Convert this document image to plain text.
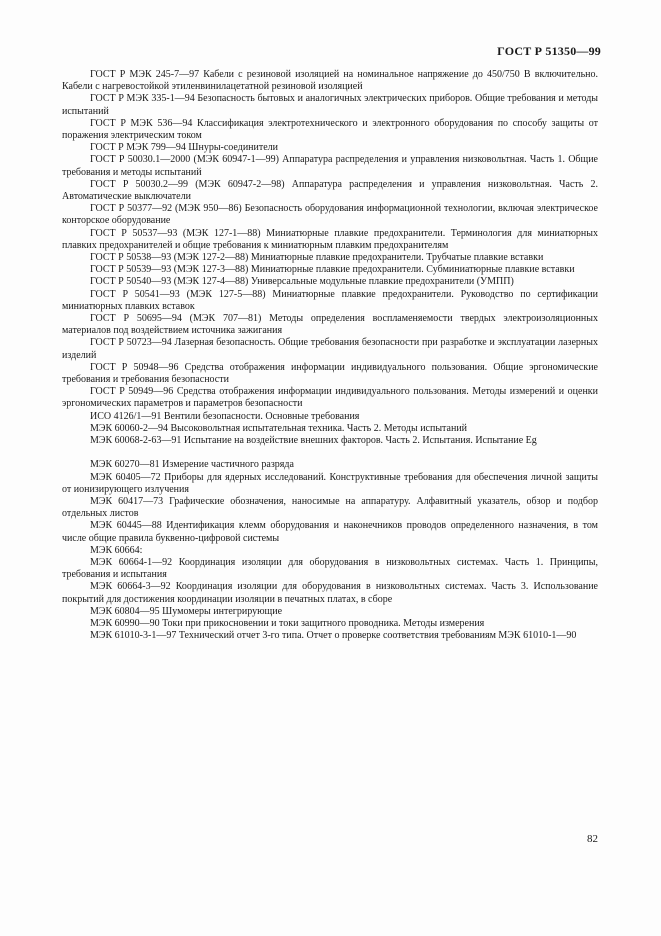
ГОСТ Р 51350—99

ГОСТ Р МЭК 245-7—97 Кабели с резиновой изоляцией на номинальное напряжение до 450/750 В включительно. Кабели с нагревостойкой этиленвинилацетатной резиновой изоляцией

ГОСТ Р МЭК 335-1—94 Безопасность бытовых и аналогичных электрических приборов. Общие требования и методы испытаний

ГОСТ Р МЭК 536—94 Классификация электротехнического и электронного оборудования по способу защиты от поражения электрическим током

ГОСТ Р МЭК 799—94 Шнуры-соединители

ГОСТ Р 50030.1—2000 (МЭК 60947-1—99) Аппаратура распределения и управления низковольтная. Часть 1. Общие требования и методы испытаний

ГОСТ Р 50030.2—99 (МЭК 60947-2—98) Аппаратура распределения и управления низковольтная. Часть 2. Автоматические выключатели

ГОСТ Р 50377—92 (МЭК 950—86) Безопасность оборудования информационной технологии, включая электрическое конторское оборудование

ГОСТ Р 50537—93 (МЭК 127-1—88) Миниатюрные плавкие предохранители. Терминология для миниатюрных плавких предохранителей и общие требования к миниатюрным плавким предохранителям

ГОСТ Р 50538—93 (МЭК 127-2—88) Миниатюрные плавкие предохранители. Трубчатые плавкие вставки

ГОСТ Р 50539—93 (МЭК 127-3—88) Миниатюрные плавкие предохранители. Субминиатюрные плавкие вставки

ГОСТ Р 50540—93 (МЭК 127-4—88) Универсальные модульные плавкие предохранители (УМПП)

ГОСТ Р 50541—93 (МЭК 127-5—88) Миниатюрные плавкие предохранители. Руководство по сертификации миниатюрных плавких вставок

ГОСТ Р 50695—94 (МЭК 707—81) Методы определения воспламеняемости твердых электроизоляционных материалов под воздействием источника зажигания

ГОСТ Р 50723—94 Лазерная безопасность. Общие требования безопасности при разработке и эксплуатации лазерных изделий

ГОСТ Р 50948—96 Средства отображения информации индивидуального пользования. Общие эргономические требования и требования безопасности

ГОСТ Р 50949—96 Средства отображения информации индивидуального пользования. Методы измерений и оценки эргономических параметров и параметров безопасности

ИСО 4126/1—91 Вентили безопасности. Основные требования

МЭК 60060-2—94 Высоковольтная испытательная техника. Часть 2. Методы испытаний

МЭК 60068-2-63—91 Испытание на воздействие внешних факторов. Часть 2. Испытания. Испытание Eg

МЭК 60270—81 Измерение частичного разряда

МЭК 60405—72 Приборы для ядерных исследований. Конструктивные требования для обеспечения личной защиты от ионизирующего излучения

МЭК 60417—73 Графические обозначения, наносимые на аппаратуру. Алфавитный указатель, обзор и подбор отдельных листов

МЭК 60445—88 Идентификация клемм оборудования и наконечников проводов определенного назначения, в том числе общие правила буквенно-цифровой системы

МЭК 60664:

МЭК 60664-1—92 Координация изоляции для оборудования в низковольтных системах. Часть 1. Принципы, требования и испытания

МЭК 60664-3—92 Координация изоляции для оборудования в низковольтных системах. Часть 3. Использование покрытий для достижения координации изоляции в печатных платах, в сборе

МЭК 60804—95 Шумомеры интегрирующие

МЭК 60990—90 Токи при прикосновении и токи защитного проводника. Методы измерения

МЭК 61010-3-1—97 Технический отчет 3-го типа. Отчет о проверке соответствия требованиям МЭК 61010-1—90

82
